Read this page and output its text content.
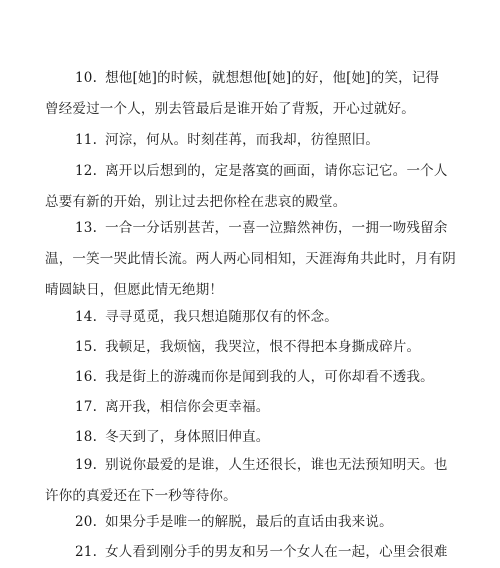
10. 想他[她]的时候，就想想他[她]的好，他[她]的笑，记得
曾经爱过一个人，别去管最后是谁开始了背叛，开心过就好。

11. 河淙，何从。时刻荏苒，而我却，彷徨照旧。

12. 离开以后想到的，定是落寞的画面，请你忘记它。一个人
总要有新的开始，别让过去把你栓在悲哀的殿堂。

13. 一合一分话别甚苦，一喜一泣黯然神伤，一拥一吻残留余
温，一笑一哭此情长流。两人两心同相知，天涯海角共此时，月有阴
晴圆缺日，但愿此情无绝期！

14. 寻寻觅觅，我只想追随那仅有的怀念。

15. 我顿足，我烦恼，我哭泣，恨不得把本身撕成碎片。

16. 我是街上的游魂而你是闻到我的人，可你却看不透我。

17. 离开我，相信你会更幸福。

18. 冬天到了，身体照旧伸直。

19. 别说你最爱的是谁，人生还很长，谁也无法预知明天。也
许你的真爱还在下一秒等待你。

20. 如果分手是唯一的解脱，最后的直话由我来说。

21. 女人看到刚分手的男友和另一个女人在一起，心里会很难
